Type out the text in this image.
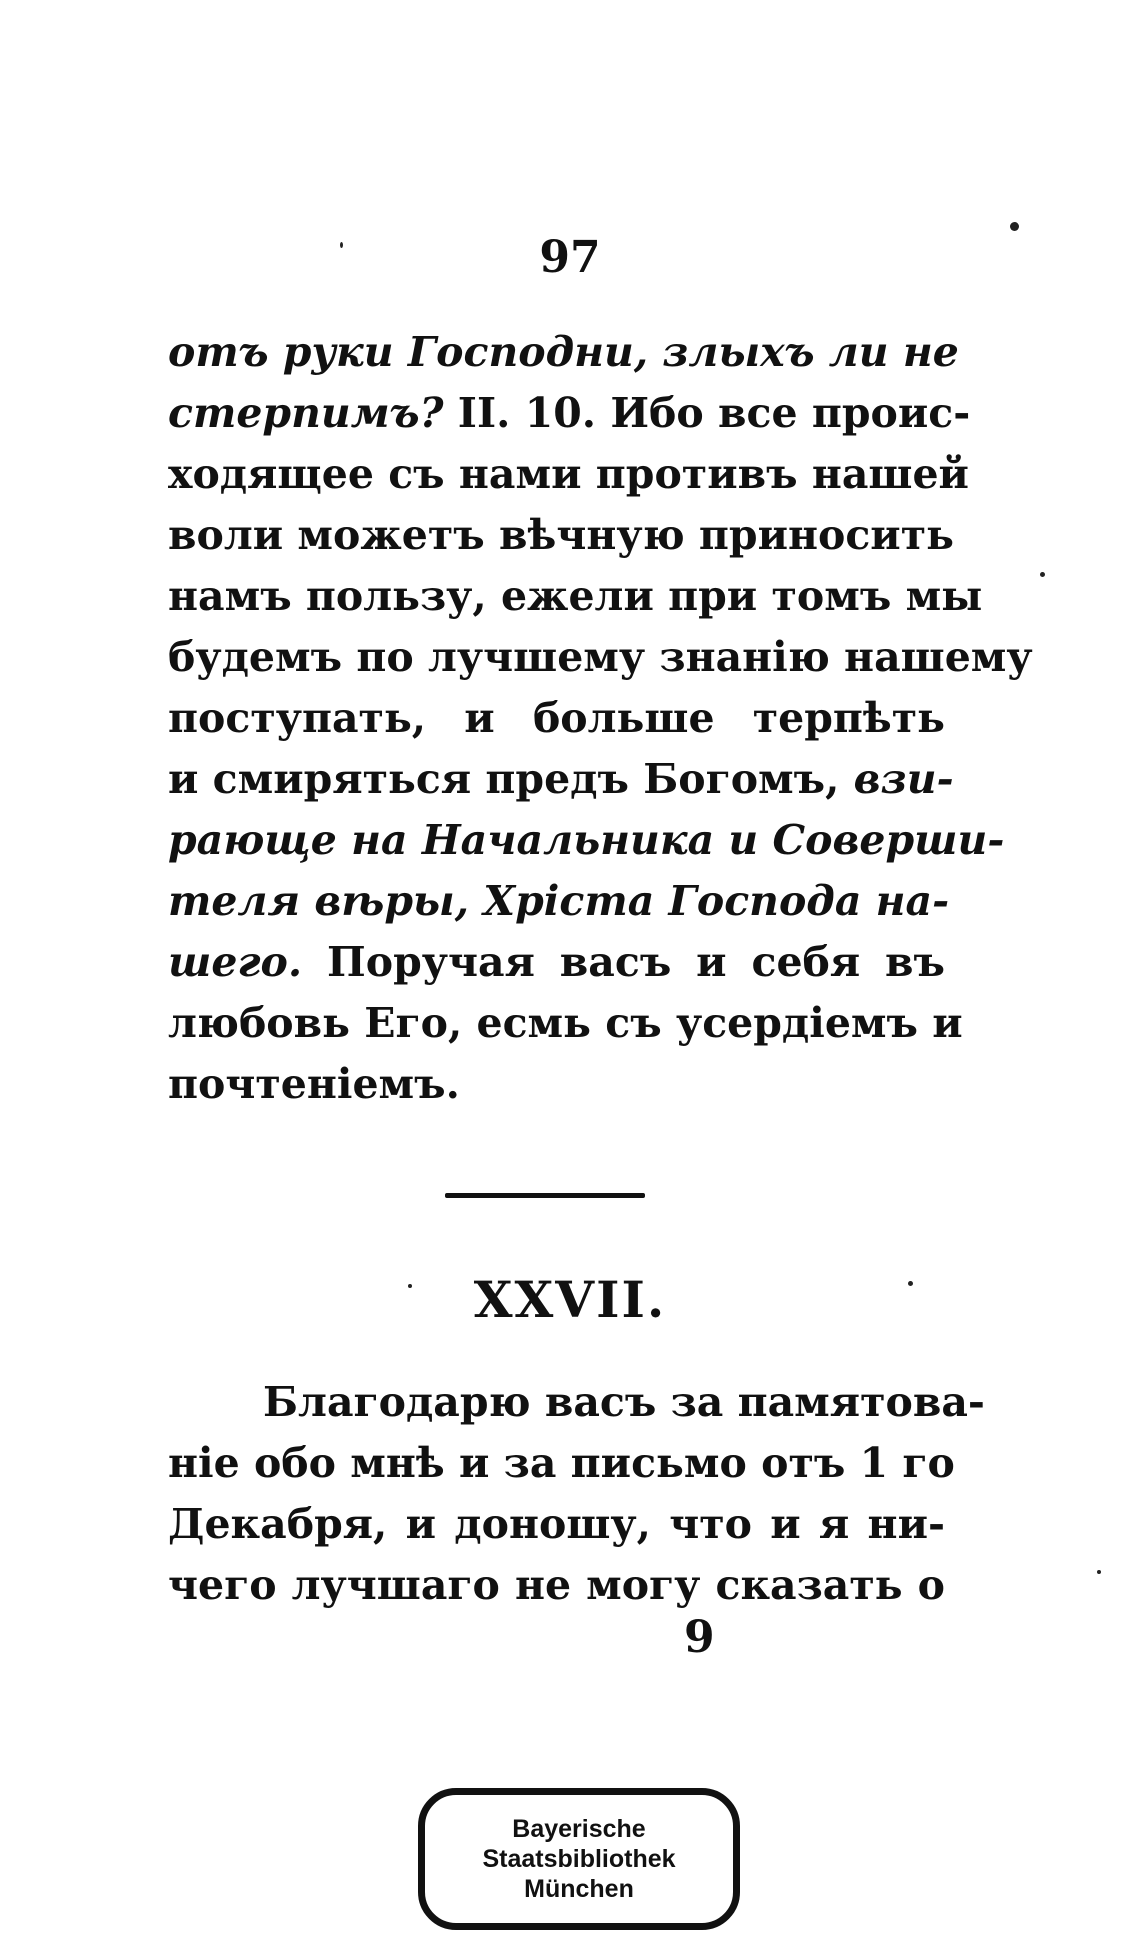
97
отъ руки Господни, злыхъ ли не
стерпимъ? II. 10. Ибо все проис-
ходящее съ нами противъ нашей
воли можетъ вѣчную приносить
намъ пользу, ежели при томъ мы
будемъ по лучшему знанію нашему
поступать, и больше терпѣть
и смиряться предъ Богомъ, взи-
рающе на Начальника и Соверши-
теля вѣры, Хріста Господа на-
шего. Поручая васъ и себя въ
любовь Его, есмь съ усердіемъ и
почтеніемъ.
XXVII.
Благодарю васъ за памятова-
ніе обо мнѣ и за письмо отъ 1 го
Декабря, и доношу, что и я ни-
чего лучшаго не могу сказать о
9
Bayerische
Staatsbibliothek
München
